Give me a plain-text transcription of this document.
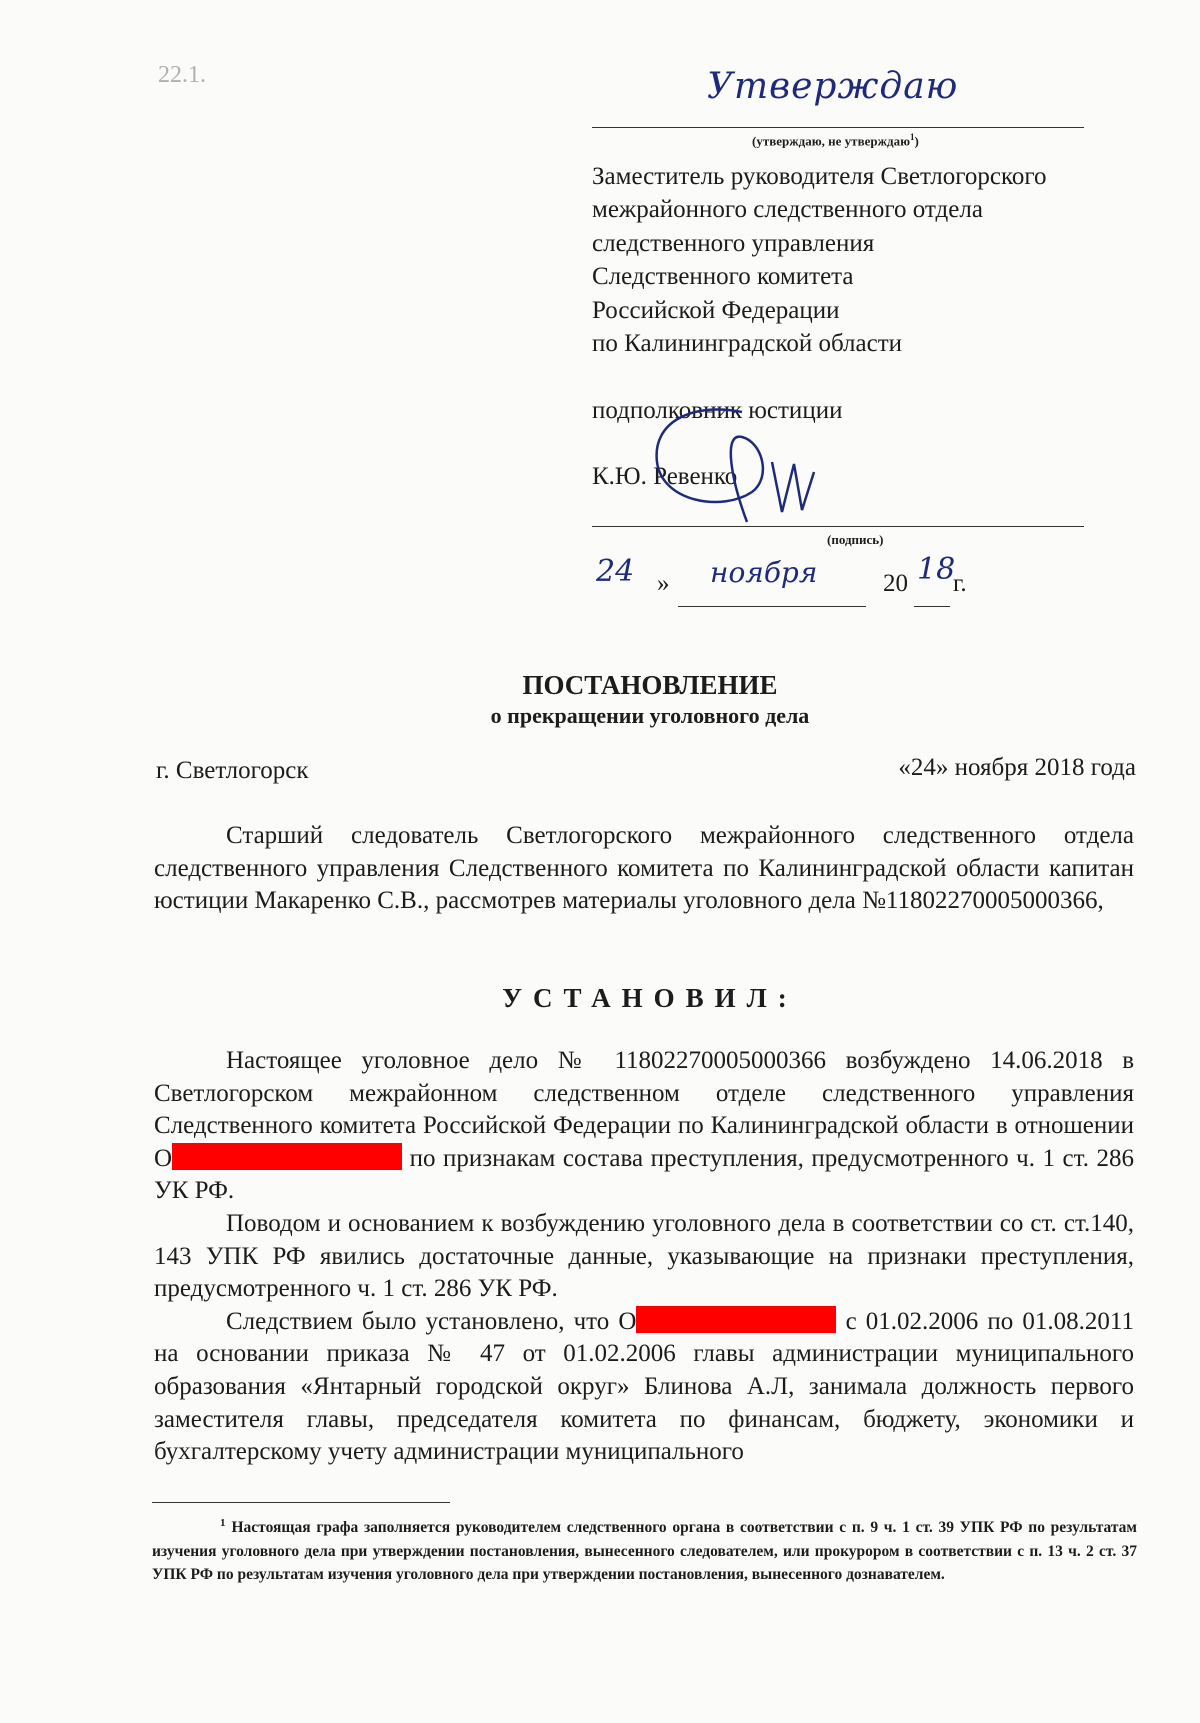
22.1.	Утверждаю
(утверждаю, не утверждаю$^1$)
Заместитель руководителя Светлогорского
межрайонного следственного отдела
следственного управления
Следственного комитета
Российской Федерации
по Калининградской области
подполковник юстиции
К.Ю. Ревенко
(подпись)
24 » ноября	20 18
г.
ПОСТАНОВЛЕНИЕ
о прекращении уголовного дела
г. Светлогорск	«24» ноября 2018 года
Старший следователь Светлогорского межрайонного следственного отдела следственного управления Следственного комитета по Калининградской области капитан юстиции Макаренко С.В., рассмотрев материалы уголовного дела №11802270005000366,
УСТАНОВИЛ:

Настоящее уголовное дело № 11802270005000366 возбуждено 14.06.2018 в Светлогорском межрайонном следственном отделе следственного управления Следственного комитета Российской Федерации по Калининградской области в отношении О	по признакам состава преступления, предусмотренного ч. 1 ст. 286 УК РФ.

Поводом и основанием к возбуждению уголовного дела в соответствии со ст. ст.140, 143 УПК РФ явились достаточные данные, указывающие на признаки преступления, предусмотренного ч. 1 ст. 286 УК РФ.

Следствием было установлено, что О	с 01.02.2006 по 01.08.2011 на основании приказа № 47 от 01.02.2006 главы администрации муниципального образования «Янтарный городской округ» Блинова А.Л, занимала должность первого заместителя главы, председателя комитета по финансам, бюджету, экономики и бухгалтерскому учету администрации муниципального

$^1$ Настоящая графа заполняется руководителем следственного органа в соответствии с п. 9 ч. 1 ст. 39 УПК РФ по результатам изучения уголовного дела при утверждении постановления, вынесенного следователем, или прокурором в соответствии с п. 13 ч. 2 ст. 37 УПК РФ по результатам изучения уголовного дела при утверждении постановления, вынесенного дознавателем.
